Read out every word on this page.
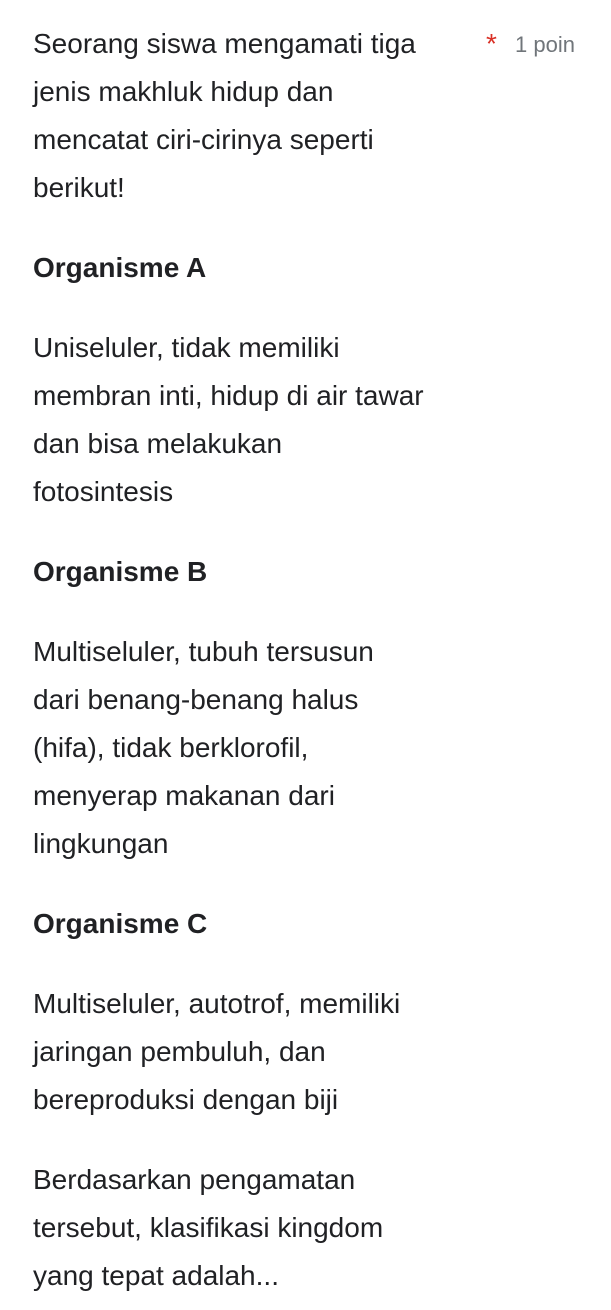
Seorang siswa mengamati tiga
jenis makhluk hidup dan
mencatat ciri-cirinya seperti
berikut!

* 1 poin
Organisme A

Uniseluler, tidak memiliki
membran inti, hidup di air tawar
dan bisa melakukan
fotosintesis

Organisme B

Multiseluler, tubuh tersusun
dari benang-benang halus
(hifa), tidak berklorofil,
menyerap makanan dari
lingkungan

Organisme C

Multiseluler, autotrof, memiliki
jaringan pembuluh, dan
bereproduksi dengan biji

Berdasarkan pengamatan
tersebut, klasifikasi kingdom
yang tepat adalah...
